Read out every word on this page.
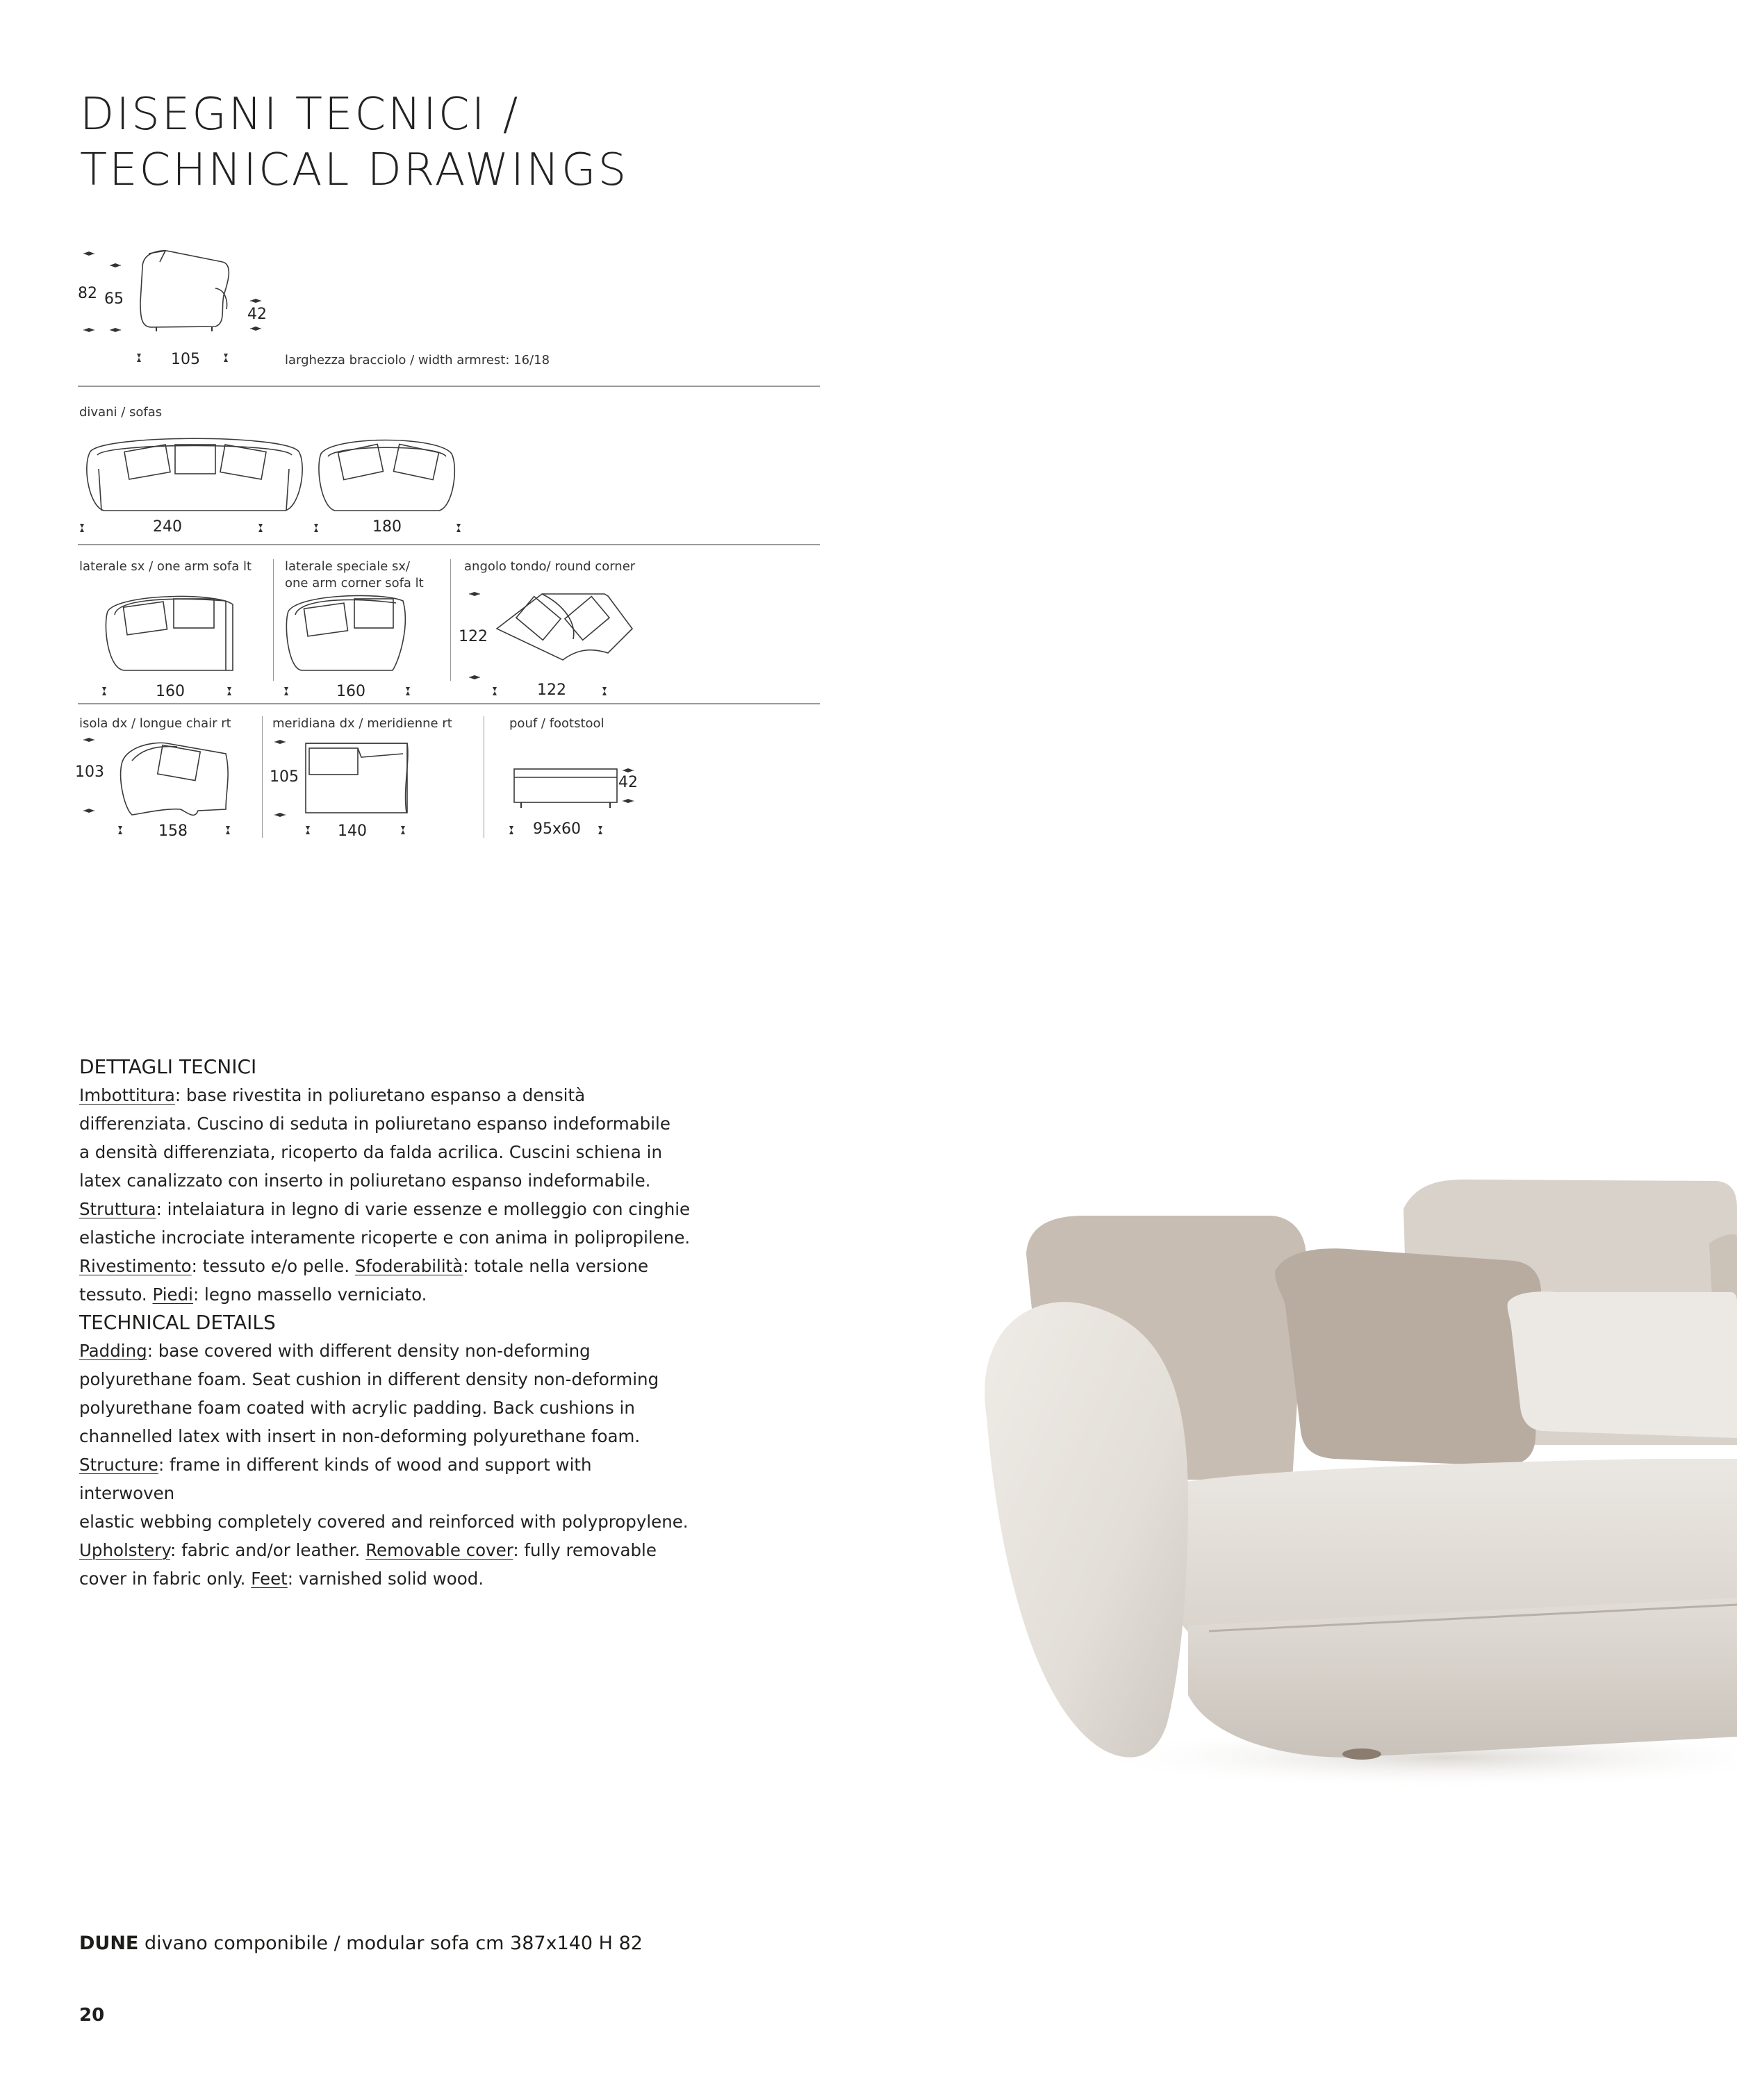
DISEGNI TECNICI /
TECHNICAL DRAWINGS
82 65
42
105	larghezza bracciolo / width armrest: 16/18
divani / sofas
240	180
laterale sx / one arm sofa lt	laterale speciale sx/
one arm corner sofa lt
angolo tondo/ round corner
122
160	160	122
isola dx / longue chair rt	meridiana dx / meridienne rt	pouf / footstool
103	105	42
158	140	95x60
DETTAGLI TECNICI

Imbottitura: base rivestita in poliuretano espanso a densità

differenziata. Cuscino di seduta in poliuretano espanso indeformabile

a densità differenziata, ricoperto da falda acrilica. Cuscini schiena in

latex canalizzato con inserto in poliuretano espanso indeformabile.

Struttura: intelaiatura in legno di varie essenze e molleggio con cinghie

elastiche incrociate interamente ricoperte e con anima in polipropilene.

Rivestimento: tessuto e/o pelle. Sfoderabilità: totale nella versione

tessuto. Piedi: legno massello verniciato.

TECHNICAL DETAILS

Padding: base covered with different density non-deforming

polyurethane foam. Seat cushion in different density non-deforming

polyurethane foam coated with acrylic padding. Back cushions in

channelled latex with insert in non-deforming polyurethane foam.

Structure: frame in different kinds of wood and support with interwoven

elastic webbing completely covered and reinforced with polypropylene.

Upholstery: fabric and/or leather. Removable cover: fully removable

cover in fabric only. Feet: varnished solid wood.

DUNE divano componibile / modular sofa cm 387x140 H 82
20
